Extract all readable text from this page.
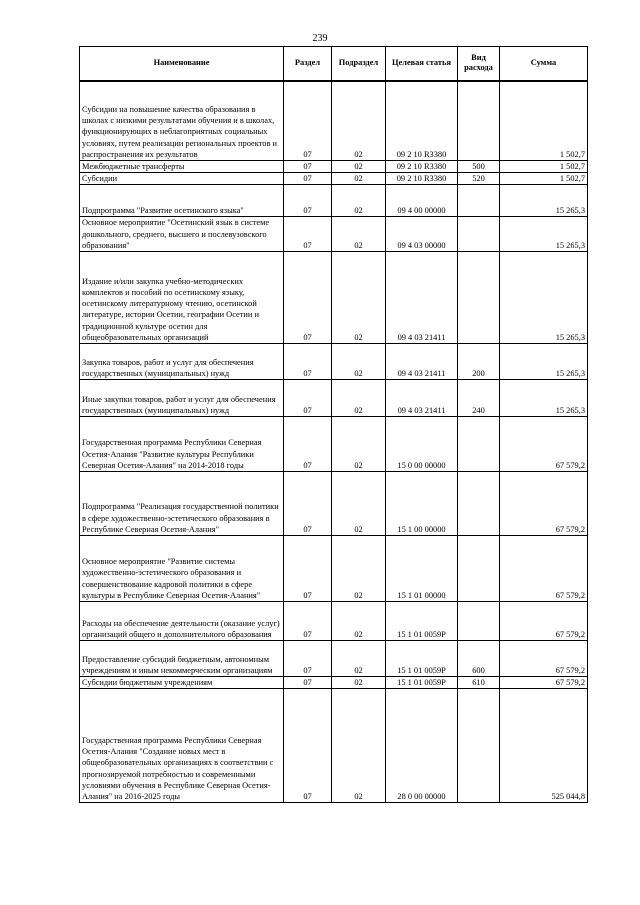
239
Наименование	Раздел	Подраздел	Целевая статья	Вид расхода	Сумма
Субсидии на повышение качества образования в школах с низкими результатами обучения и в школах, функционирующих в неблагоприятных социальных условиях, путем реализации региональных проектов и распространения их результатов	07	02	09 2 10 R3380		1 502,7
Межбюджетные трансферты	07	02	09 2 10 R3380	500	1 502,7
Субсидии	07	02	09 2 10 R3380	520	1 502,7
Подпрограмма "Развитие осетинского языка"	07	02	09 4 00 00000		15 265,3
Основное мероприятие "Осетинский язык в системе дошкольного, среднего, высшего и послевузовского образования"	07	02	09 4 03 00000		15 265,3
Издание и/или закупка учебно-методических комплектов и пособий по осетинскому языку, осетинскому литературному чтению, осетинской литературе, истории Осетии, географии Осетии и традиционной культуре осетин для общеобразовательных организаций	07	02	09 4 03 21411		15 265,3
Закупка товаров, работ и услуг для обеспечения государственных (муниципальных) нужд	07	02	09 4 03 21411	200	15 265,3
Иные закупки товаров, работ и услуг для обеспечения государственных (муниципальных) нужд	07	02	09 4 03 21411	240	15 265,3
Государственная программа Республики Северная Осетия-Алания "Развитие культуры Республики Северная Осетия-Алания" на 2014-2018 годы	07	02	15 0 00 00000		67 579,2
Подпрограмма "Реализация государственной политики в сфере художественно-эстетического образования в Республике Северная Осетия-Алания"	07	02	15 1 00 00000		67 579,2
Основное мероприятие "Развитие системы художественно-эстетического образования и совершенствование кадровой политики в сфере культуры в Республике Северная Осетия-Алания"	07	02	15 1 01 00000		67 579,2
Расходы на обеспечение деятельности (оказание услуг) организаций общего и дополнительного образования	07	02	15 1 01 0059P		67 579,2
Предоставление субсидий бюджетным, автономным учреждениям и иным некоммерческим организациям	07	02	15 1 01 0059P	600	67 579,2
Субсидии бюджетным учреждениям	07	02	15 1 01 0059P	610	67 579,2
Государственная программа Республики Северная Осетия-Алания "Создание новых мест в общеобразовательных организациях в соответствии с прогнозируемой потребностью и современными условиями обучения в Республике Северная Осетия-Алания" на 2016-2025 годы	07	02	28 0 00 00000		525 044,8
